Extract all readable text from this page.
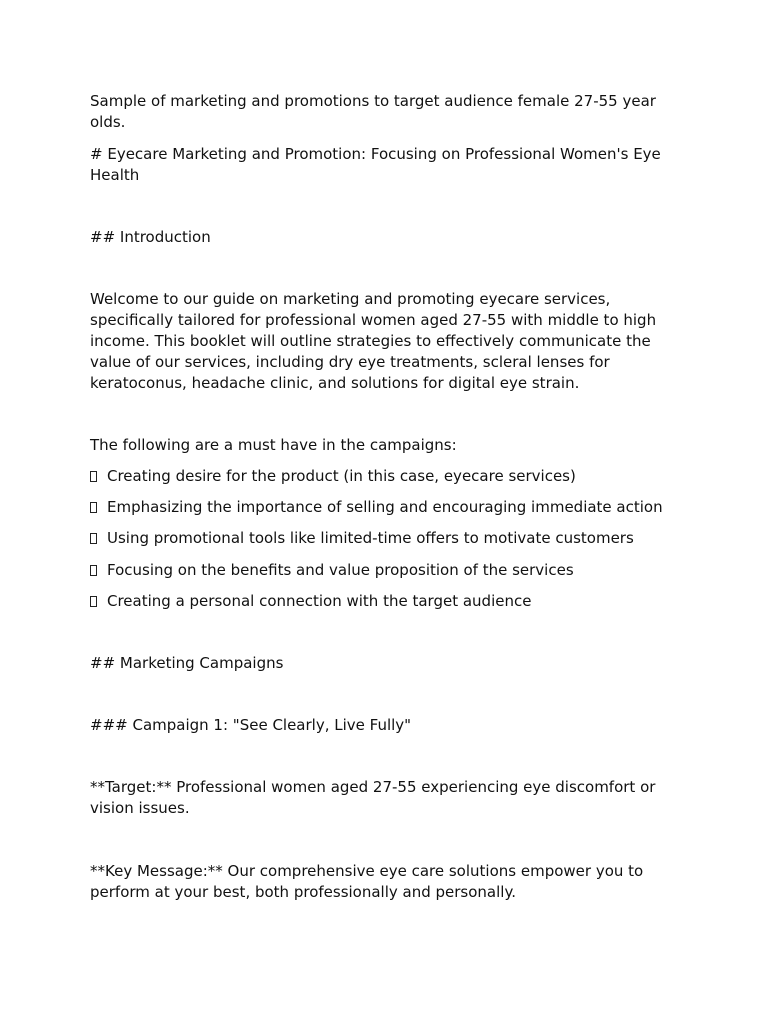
Sample of marketing and promotions to target audience female 27-55 year olds.

# Eyecare Marketing and Promotion: Focusing on Professional Women's Eye Health

## Introduction

Welcome to our guide on marketing and promoting eyecare services, specifically tailored for professional women aged 27-55 with middle to high income. This booklet will outline strategies to effectively communicate the value of our services, including dry eye treatments, scleral lenses for keratoconus, headache clinic, and solutions for digital eye strain.

The following are a must have in the campaigns:

Creating desire for the product (in this case, eyecare services)
Emphasizing the importance of selling and encouraging immediate action
Using promotional tools like limited-time offers to motivate customers
Focusing on the benefits and value proposition of the services
Creating a personal connection with the target audience

## Marketing Campaigns

### Campaign 1: "See Clearly, Live Fully"

**Target:** Professional women aged 27-55 experiencing eye discomfort or vision issues.

**Key Message:** Our comprehensive eye care solutions empower you to perform at your best, both professionally and personally.
